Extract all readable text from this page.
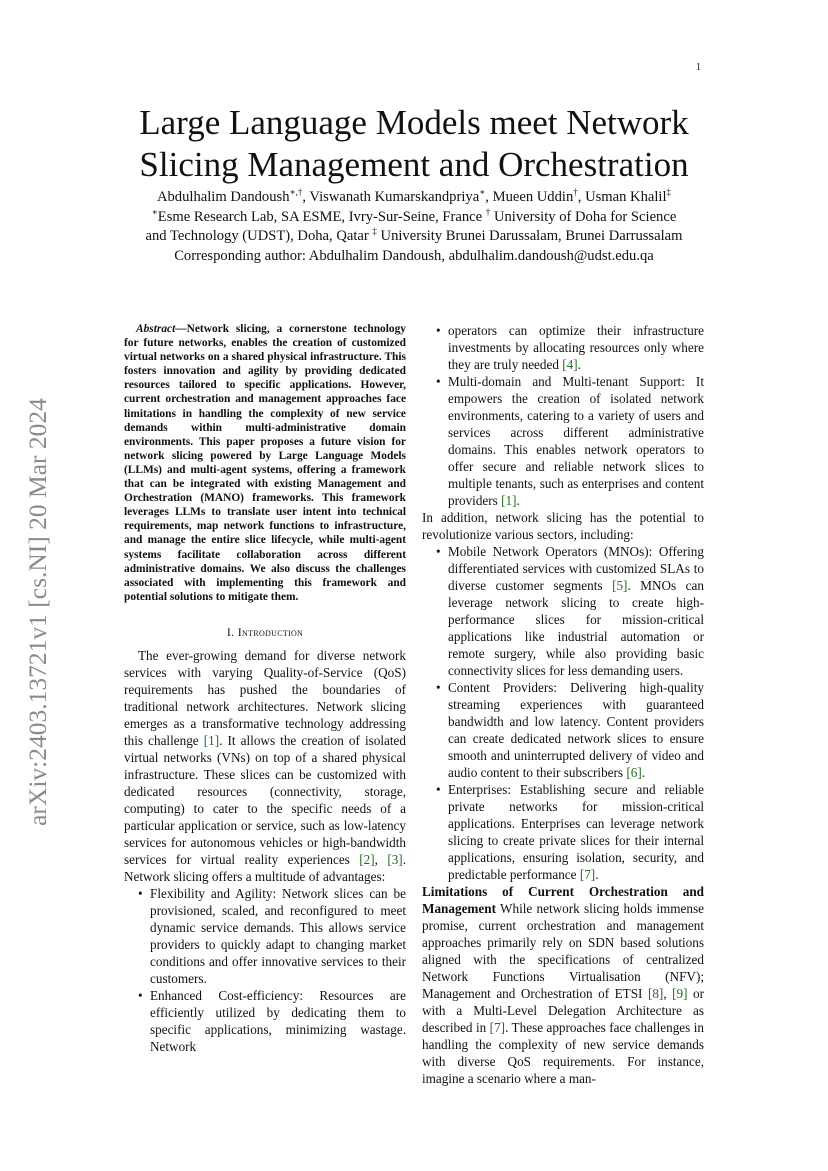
1
arXiv:2403.13721v1 [cs.NI] 20 Mar 2024
Large Language Models meet Network
Slicing Management and Orchestration
Abdulhalim Dandoush∗,†, Viswanath Kumarskandpriya∗, Mueen Uddin†, Usman Khalil‡
∗Esme Research Lab, SA ESME, Ivry-Sur-Seine, France † University of Doha for Science
and Technology (UDST), Doha, Qatar ‡ University Brunei Darussalam, Brunei Darrussalam
Corresponding author: Abdulhalim Dandoush, abdulhalim.dandoush@udst.edu.qa

Abstract—Network slicing, a cornerstone technology for future networks, enables the creation of customized virtual networks on a shared physical infrastructure. This fosters innovation and agility by providing dedicated resources tailored to specific applications. However, current orchestration and management approaches face limitations in handling the complexity of new service demands within multi-administrative domain environments. This paper proposes a future vision for network slicing powered by Large Language Models (LLMs) and multi-agent systems, offering a framework that can be integrated with existing Management and Orchestration (MANO) frameworks. This framework leverages LLMs to translate user intent into technical requirements, map network functions to infrastructure, and manage the entire slice lifecycle, while multi-agent systems facilitate collaboration across different administrative domains. We also discuss the challenges associated with implementing this framework and potential solutions to mitigate them.

I. Introduction

The ever-growing demand for diverse network services with varying Quality-of-Service (QoS) requirements has pushed the boundaries of traditional network architectures. Network slicing emerges as a transformative technology addressing this challenge [1]. It allows the creation of isolated virtual networks (VNs) on top of a shared physical infrastructure. These slices can be customized with dedicated resources (connectivity, storage, computing) to cater to the specific needs of a particular application or service, such as low-latency services for autonomous vehicles or high-bandwidth services for virtual reality experiences [2], [3]. Network slicing offers a multitude of advantages:

• Flexibility and Agility: Network slices can be provisioned, scaled, and reconfigured to meet dynamic service demands. This allows service providers to quickly adapt to changing market conditions and offer innovative services to their customers.
• Enhanced Cost-efficiency: Resources are efficiently utilized by dedicating them to specific applications, minimizing wastage. Network
• operators can optimize their infrastructure investments by allocating resources only where they are truly needed [4].
• Multi-domain and Multi-tenant Support: It empowers the creation of isolated network environments, catering to a variety of users and services across different administrative domains. This enables network operators to offer secure and reliable network slices to multiple tenants, such as enterprises and content providers [1].

In addition, network slicing has the potential to revolutionize various sectors, including:

• Mobile Network Operators (MNOs): Offering differentiated services with customized SLAs to diverse customer segments [5]. MNOs can leverage network slicing to create high-performance slices for mission-critical applications like industrial automation or remote surgery, while also providing basic connectivity slices for less demanding users.
• Content Providers: Delivering high-quality streaming experiences with guaranteed bandwidth and low latency. Content providers can create dedicated network slices to ensure smooth and uninterrupted delivery of video and audio content to their subscribers [6].
• Enterprises: Establishing secure and reliable private networks for mission-critical applications. Enterprises can leverage network slicing to create private slices for their internal applications, ensuring isolation, security, and predictable performance [7].

Limitations of Current Orchestration and Management While network slicing holds immense promise, current orchestration and management approaches primarily rely on SDN based solutions aligned with the specifications of centralized Network Functions Virtualisation (NFV); Management and Orchestration of ETSI [8], [9] or with a Multi-Level Delegation Architecture as described in [7]. These approaches face challenges in handling the complexity of new service demands with diverse QoS requirements. For instance, imagine a scenario where a man-
